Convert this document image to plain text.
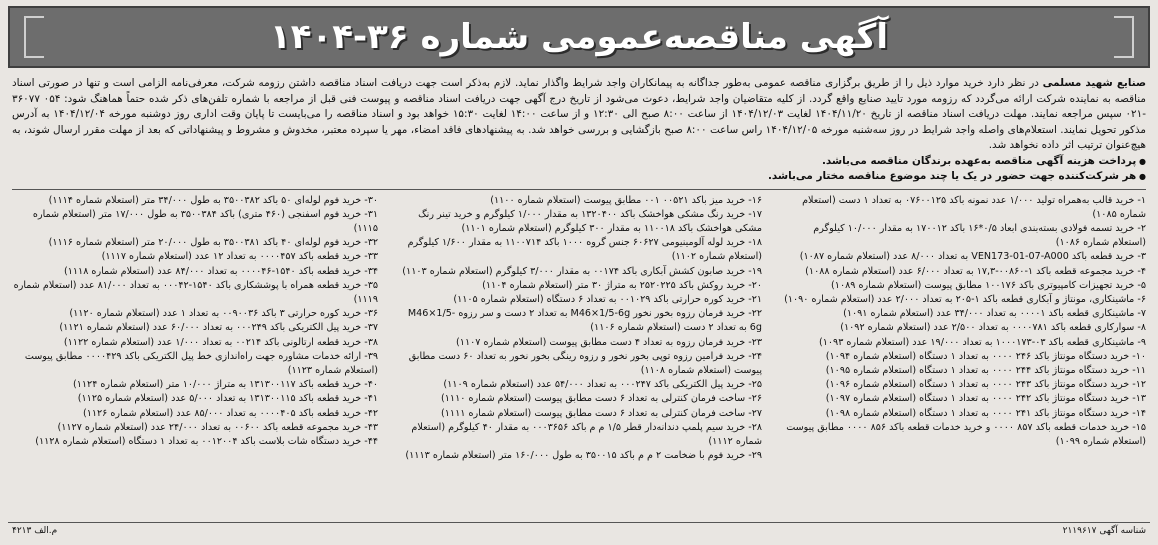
آگهی مناقصه‌عمومی شماره ۳۶-۱۴۰۴

صنایع شهید مسلمی در نظر دارد خرید موارد ذیل را از طریق برگزاری مناقصه عمومی به‌طور جداگانه به پیمانکاران واجد شرایط واگذار نماید. لازم به‌ذکر است جهت دریافت اسناد مناقصه داشتن رزومه شرکت، معرفی‌نامه الزامی است و تنها در صورتی اسناد مناقصه به نماینده شرکت ارائه می‌گردد که رزومه مورد تایید صنایع واقع گردد. از کلیه متقاضیان واجد شرایط، دعوت می‌شود از تاریخ درج آگهی جهت دریافت اسناد مناقصه و پیوست فنی قبل از مراجعه با شماره تلفن‌های ذکر شده حتماً هماهنگ شود: ۰۵۴ ۳۶۰۷۷ -۰۲۱ سپس مراجعه نمایند. مهلت دریافت اسناد مناقصه از تاریخ ۱۴۰۴/۱۱/۲۰ لغایت ۱۴۰۴/۱۲/۰۳ از ساعت ۸:۰۰ صبح الی ۱۲:۳۰ و از ساعت ۱۴:۰۰ لغایت ۱۵:۳۰ خواهد بود و اسناد مناقصه را می‌بایست تا پایان وقت اداری روز دوشنبه مورخه ۱۴۰۴/۱۲/۰۴ به آدرس مذکور تحویل نمایند. استعلام‌های واصله واجد شرایط در روز سه‌شنبه مورخه ۱۴۰۴/۱۲/۰۵ راس ساعت ۸:۰۰ صبح بازگشایی و بررسی خواهد شد. به پیشنهادهای فاقد امضاء، مهر یا سپرده معتبر، مخدوش و مشروط و پیشنهاداتی که بعد از مهلت مقرر ارسال شوند، به هیچ‌عنوان ترتیب اثر داده نخواهد شد.

● پرداخت هزینه آگهی مناقصه به‌عهده برندگان مناقصه می‌باشد.
● هر شرکت‌کننده جهت حضور در یک یا چند موضوع مناقصه مختار می‌باشد.

۱- خرید قالب به‌همراه تولید ۱/۰۰۰ عدد نمونه باکد ۰۷۶۰۰۱۲۵ به تعداد ۱ دست (استعلام شماره ۱۰۸۵)

۲- خرید تسمه فولادی بسته‌بندی ابعاد ۰/۵*۱۶ باکد ۱۷۰۰۱۲ به مقدار ۱۰/۰۰۰ کیلوگرم (استعلام شماره ۱۰۸۶)

۳- خرید قطعه باکد VEN173-01-07-A000 به تعداد ۸/۰۰۰ عدد (استعلام شماره ۱۰۸۷)

۴- خرید مجموعه قطعه باکد ۱-۰۰۸۶۰-۱۷,۳ به تعداد ۶/۰۰۰ عدد (استعلام شماره ۱۰۸۸)

۵- خرید تجهیزات کامپیوتری باکد ۱۰۰۱۷۶ مطابق پیوست (استعلام شماره ۱۰۸۹)

۶- ماشینکاری، مونتاژ و آبکاری قطعه باکد ۱-۲۰۵ به تعداد ۲/۰۰۰ عدد (استعلام شماره ۱۰۹۰)

۷- ماشینکاری قطعه باکد ۰۰۰۰۱ به تعداد ۳۴/۰۰۰ عدد (استعلام شماره ۱۰۹۱)

۸- سوارکاری قطعه باکد ۰۰۰۰۷۸۱ به تعداد ۲/۵۰۰ عدد (استعلام شماره ۱۰۹۲)

۹- ماشینکاری قطعه باکد ۰۳-۱۰۰۰۱۷۳ به تعداد ۱۹/۰۰۰ عدد (استعلام شماره ۱۰۹۳)

۱۰- خرید دستگاه مونتاژ باکد ۲۴۶ ۰۰۰۰ به تعداد ۱ دستگاه (استعلام شماره ۱۰۹۴)

۱۱- خرید دستگاه مونتاژ باکد ۲۴۴ ۰۰۰۰ به تعداد ۱ دستگاه (استعلام شماره ۱۰۹۵)

۱۲- خرید دستگاه مونتاژ باکد ۲۴۳ ۰۰۰۰ به تعداد ۱ دستگاه (استعلام شماره ۱۰۹۶)

۱۳- خرید دستگاه مونتاژ باکد ۲۴۲ ۰۰۰۰ به تعداد ۱ دستگاه (استعلام شماره ۱۰۹۷)

۱۴- خرید دستگاه مونتاژ باکد ۲۴۱ ۰۰۰۰ به تعداد ۱ دستگاه (استعلام شماره ۱۰۹۸)

۱۵- خرید خدمات قطعه باکد ۸۵۷ ۰۰۰۰ و خرید خدمات قطعه باکد ۸۵۶ ۰۰۰۰ مطابق پیوست (استعلام شماره ۱۰۹۹)

۱۶- خرید میز باکد ۰۰۵۲۱ ۰۰۱ مطابق پیوست (استعلام شماره ۱۱۰۰)

۱۷- خرید رنگ مشکی هواخشک باکد ۱۳۲۰۴۰۰ به مقدار ۱/۰۰۰ کیلوگرم و خرید تینر رنگ مشکی هواخشک باکد ۱۱۰۰۱۸ به مقدار ۳۰۰ کیلوگرم (استعلام شماره ۱۱۰۱)

۱۸- خرید لوله آلومینیومی ۶۰۶۲۷ جنس گروه ۱۰۰۰ باکد ۱۱۰۰۷۱۴ به مقدار ۱/۶۰۰ کیلوگرم (استعلام شماره ۱۱۰۲)

۱۹- خرید صابون کشش آبکاری باکد ۰۰۱۷۴ به مقدار ۳/۰۰۰ کیلوگرم (استعلام شماره ۱۱۰۳)

۲۰- خرید روکش باکد ۲۵۲۰۲۲۵ به متراژ ۳۰ متر (استعلام شماره ۱۱۰۴)

۲۱- خرید کوره حرارتی باکد ۰۰۱۰۲۹ به تعداد ۶ دستگاه (استعلام شماره ۱۱۰۵)

۲۲- خرید فرمان رزوه بخور نخور M46×1/5-6g به تعداد ۲ دست و سر رزوه M46×1/5-6g به تعداد ۲ دست (استعلام شماره ۱۱۰۶)

۲۳- خرید فرمان رزوه به تعداد ۴ دست مطابق پیوست (استعلام شماره ۱۱۰۷)

۲۴- خرید فرامین رزوه توپی بخور نخور و رزوه رینگی بخور نخور به تعداد ۶۰ دست مطابق پیوست (استعلام شماره ۱۱۰۸)

۲۵- خرید پیل الکتریکی باکد ۰۰۰۲۴۷ به تعداد ۵۴/۰۰۰ عدد (استعلام شماره ۱۱۰۹)

۲۶- ساخت فرمان کنترلی به تعداد ۶ دست مطابق پیوست (استعلام شماره ۱۱۱۰)

۲۷- ساخت فرمان کنترلی به تعداد ۶ دست مطابق پیوست (استعلام شماره ۱۱۱۱)

۲۸- خرید سیم پلمپ دندانه‌دار قطر ۱/۵ م م باکد ۰۰۰۳۶۵۶ به مقدار ۴۰ کیلوگرم (استعلام شماره ۱۱۱۲)

۲۹- خرید فوم با ضخامت ۲ م م باکد ۳۵۰۰۱۵ به طول ۱۶۰/۰۰۰ متر (استعلام شماره ۱۱۱۳)

۳۰- خرید فوم لوله‌ای ۵۰ باکد ۳۵۰۰۳۸۲ به طول ۳۴/۰۰۰ متر (استعلام شماره ۱۱۱۴)

۳۱- خرید فوم اسفنجی (۴۶۰ متری) باکد ۳۵۰۰۳۸۴ به طول ۱۷/۰۰۰ متر (استعلام شماره ۱۱۱۵)

۳۲- خرید فوم لوله‌ای ۴۰ باکد ۳۵۰۰۳۸۱ به طول ۲۰/۰۰۰ متر (استعلام شماره ۱۱۱۶)

۳۳- خرید قطعه باکد ۰۰۰۰۴۵۷ به تعداد ۱۲ عدد (استعلام شماره ۱۱۱۷)

۳۴- خرید قطعه باکد ۱۵۴۰-۰۰۰۰۴۶ به تعداد ۸۴/۰۰۰ عدد (استعلام شماره ۱۱۱۸)

۳۵- خرید قطعه همراه با پوششکاری باکد ۱۵۴۰-۰۰۰۴۲ به تعداد ۸۱/۰۰۰ عدد (استعلام شماره ۱۱۱۹)

۳۶- خرید کوره حرارتی ۳ باکد ۰۰۹۰۰۳۶ به تعداد ۱ عدد (استعلام شماره ۱۱۲۰)

۳۷- خرید پیل الکتریکی باکد ۰۰۰۲۴۹ به تعداد ۶۰/۰۰۰ عدد (استعلام شماره ۱۱۲۱)

۳۸- خرید قطعه ارتالونی باکد ۰۰۲۱۴ به تعداد ۱/۰۰۰ عدد (استعلام شماره ۱۱۲۲)

۳۹- ارائه خدمات مشاوره جهت راه‌اندازی خط پیل الکتریکی باکد ۰۰۰۰۴۲۹ مطابق پیوست (استعلام شماره ۱۱۲۳)

۴۰- خرید قطعه باکد ۱۳۱۳۰۰۱۱۷ به متراژ ۱۰/۰۰۰ متر (استعلام شماره ۱۱۲۴)

۴۱- خرید قطعه باکد ۱۳۱۳۰۰۱۱۵ به تعداد ۵/۰۰۰ عدد (استعلام شماره ۱۱۲۵)

۴۲- خرید قطعه باکد ۰۰۰۰۴۰۵ به تعداد ۸۵/۰۰۰ عدد (استعلام شماره ۱۱۲۶)

۴۳- خرید مجموعه قطعه باکد ۰۰۶۰۰ به تعداد ۲۴/۰۰۰ عدد (استعلام شماره ۱۱۲۷)

۴۴- خرید دستگاه شات بلاست باکد ۰۰۱۲۰۰۴ به تعداد ۱ دستگاه (استعلام شماره ۱۱۲۸)

شناسه آگهی ۲۱۱۹۶۱۷
م.الف ۴۲۱۳
